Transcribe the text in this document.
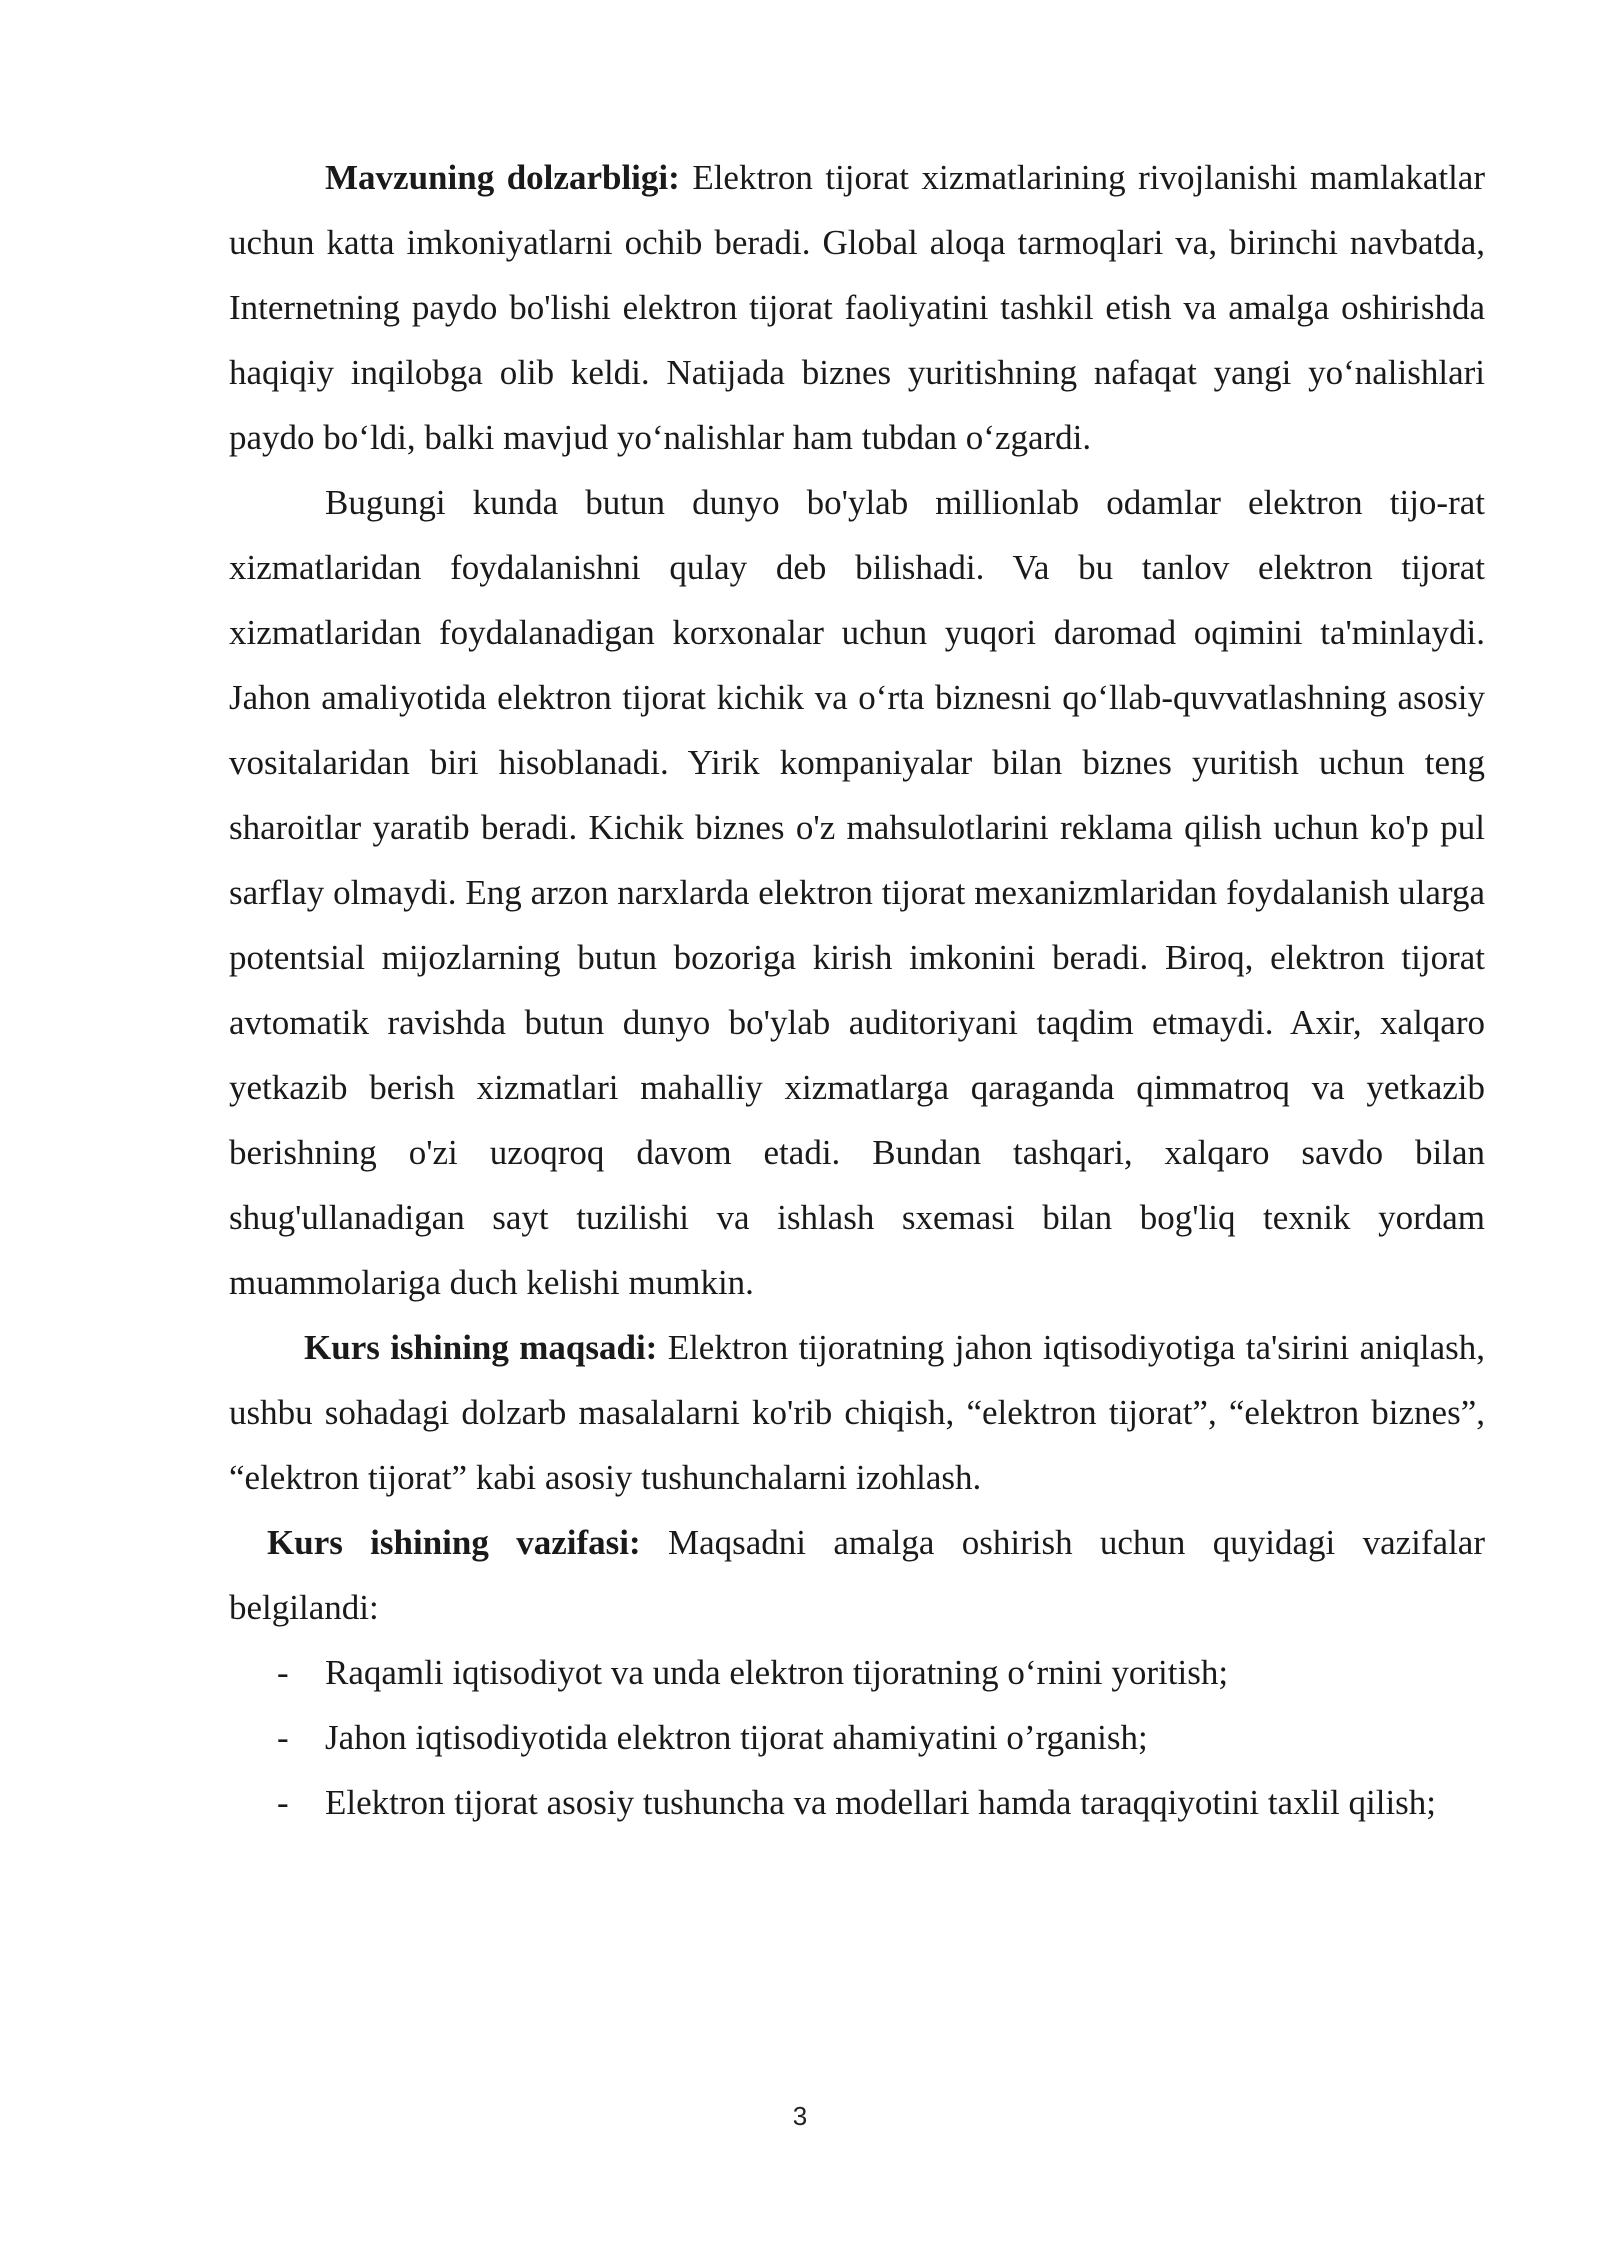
Mavzuning dolzarbligi: Elektron tijorat xizmatlarining rivojlanishi mamlakatlar uchun katta imkoniyatlarni ochib beradi. Global aloqa tarmoqlari va, birinchi navbatda, Internetning paydo bo'lishi elektron tijorat faoliyatini tashkil etish va amalga oshirishda haqiqiy inqilobga olib keldi. Natijada biznes yuritishning nafaqat yangi yo‘nalishlari paydo bo‘ldi, balki mavjud yo‘nalishlar ham tubdan o‘zgardi.

Bugungi kunda butun dunyo bo'ylab millionlab odamlar elektron tijo-rat xizmatlaridan foydalanishni qulay deb bilishadi. Va bu tanlov elektron tijorat xizmatlaridan foydalanadigan korxonalar uchun yuqori daromad oqimini ta'minlaydi. Jahon amaliyotida elektron tijorat kichik va o‘rta biznesni qo‘llab-quvvatlashning asosiy vositalaridan biri hisoblanadi. Yirik kompaniyalar bilan biznes yuritish uchun teng sharoitlar yaratib beradi. Kichik biznes o'z mahsulotlarini reklama qilish uchun ko'p pul sarflay olmaydi. Eng arzon narxlarda elektron tijorat mexanizmlaridan foydalanish ularga potentsial mijozlarning butun bozoriga kirish imkonini beradi. Biroq, elektron tijorat avtomatik ravishda butun dunyo bo'ylab auditoriyani taqdim etmaydi. Axir, xalqaro yetkazib berish xizmatlari mahalliy xizmatlarga qaraganda qimmatroq va yetkazib berishning o'zi uzoqroq davom etadi. Bundan tashqari, xalqaro savdo bilan shug'ullanadigan sayt tuzilishi va ishlash sxemasi bilan bog'liq texnik yordam muammolariga duch kelishi mumkin.

Kurs ishining maqsadi: Elektron tijoratning jahon iqtisodiyotiga ta'sirini aniqlash, ushbu sohadagi dolzarb masalalarni ko'rib chiqish, “elektron tijorat”, “elektron biznes”, “elektron tijorat” kabi asosiy tushunchalarni izohlash.

Kurs ishining vazifasi: Maqsadni amalga oshirish uchun quyidagi vazifalar belgilandi:

- Raqamli iqtisodiyot va unda elektron tijoratning o‘rnini yoritish;
- Jahon iqtisodiyotida elektron tijorat ahamiyatini o’rganish;
- Elektron tijorat asosiy tushuncha va modellari hamda taraqqiyotini taxlil qilish;
3
